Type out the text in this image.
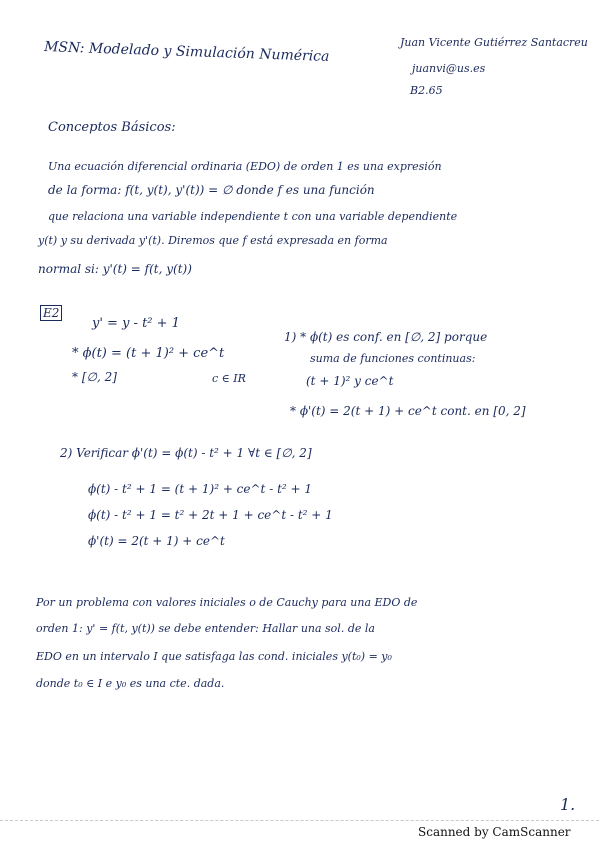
MSN: Modelado y Simulación Numérica	Juan Vicente Gutiérrez Santacreu
juanvi@us.es
B2.65
Conceptos Básicos:
Una ecuación diferencial ordinaria (EDO) de orden 1 es una expresión
de la forma: f(t, y(t), y'(t)) = ∅ donde f es una función
que relaciona una variable independiente t con una variable dependiente
y(t) y su derivada y'(t). Diremos que f está expresada en forma
normal si: y'(t) = f(t, y(t))
E2
y' = y - t² + 1
* ϕ(t) = (t + 1)² + ce^t
* [∅, 2]	c ∈ IR
1) * ϕ(t) es conf. en [∅, 2] porque
suma de funciones continuas:
(t + 1)² y ce^t
* ϕ'(t) = 2(t + 1) + ce^t cont. en [0, 2]
2) Verificar ϕ'(t) = ϕ(t) - t² + 1 ∀t ∈ [∅, 2]
ϕ(t) - t² + 1 = (t + 1)² + ce^t - t² + 1
ϕ(t) - t² + 1 = t² + 2t + 1 + ce^t - t² + 1
ϕ'(t) = 2(t + 1) + ce^t
Por un problema con valores iniciales o de Cauchy para una EDO de
orden 1: y' = f(t, y(t)) se debe entender: Hallar una sol. de la
EDO en un intervalo I que satisfaga las cond. iniciales y(t₀) = y₀
donde t₀ ∈ I e y₀ es una cte. dada.
1.
Scanned by CamScanner
